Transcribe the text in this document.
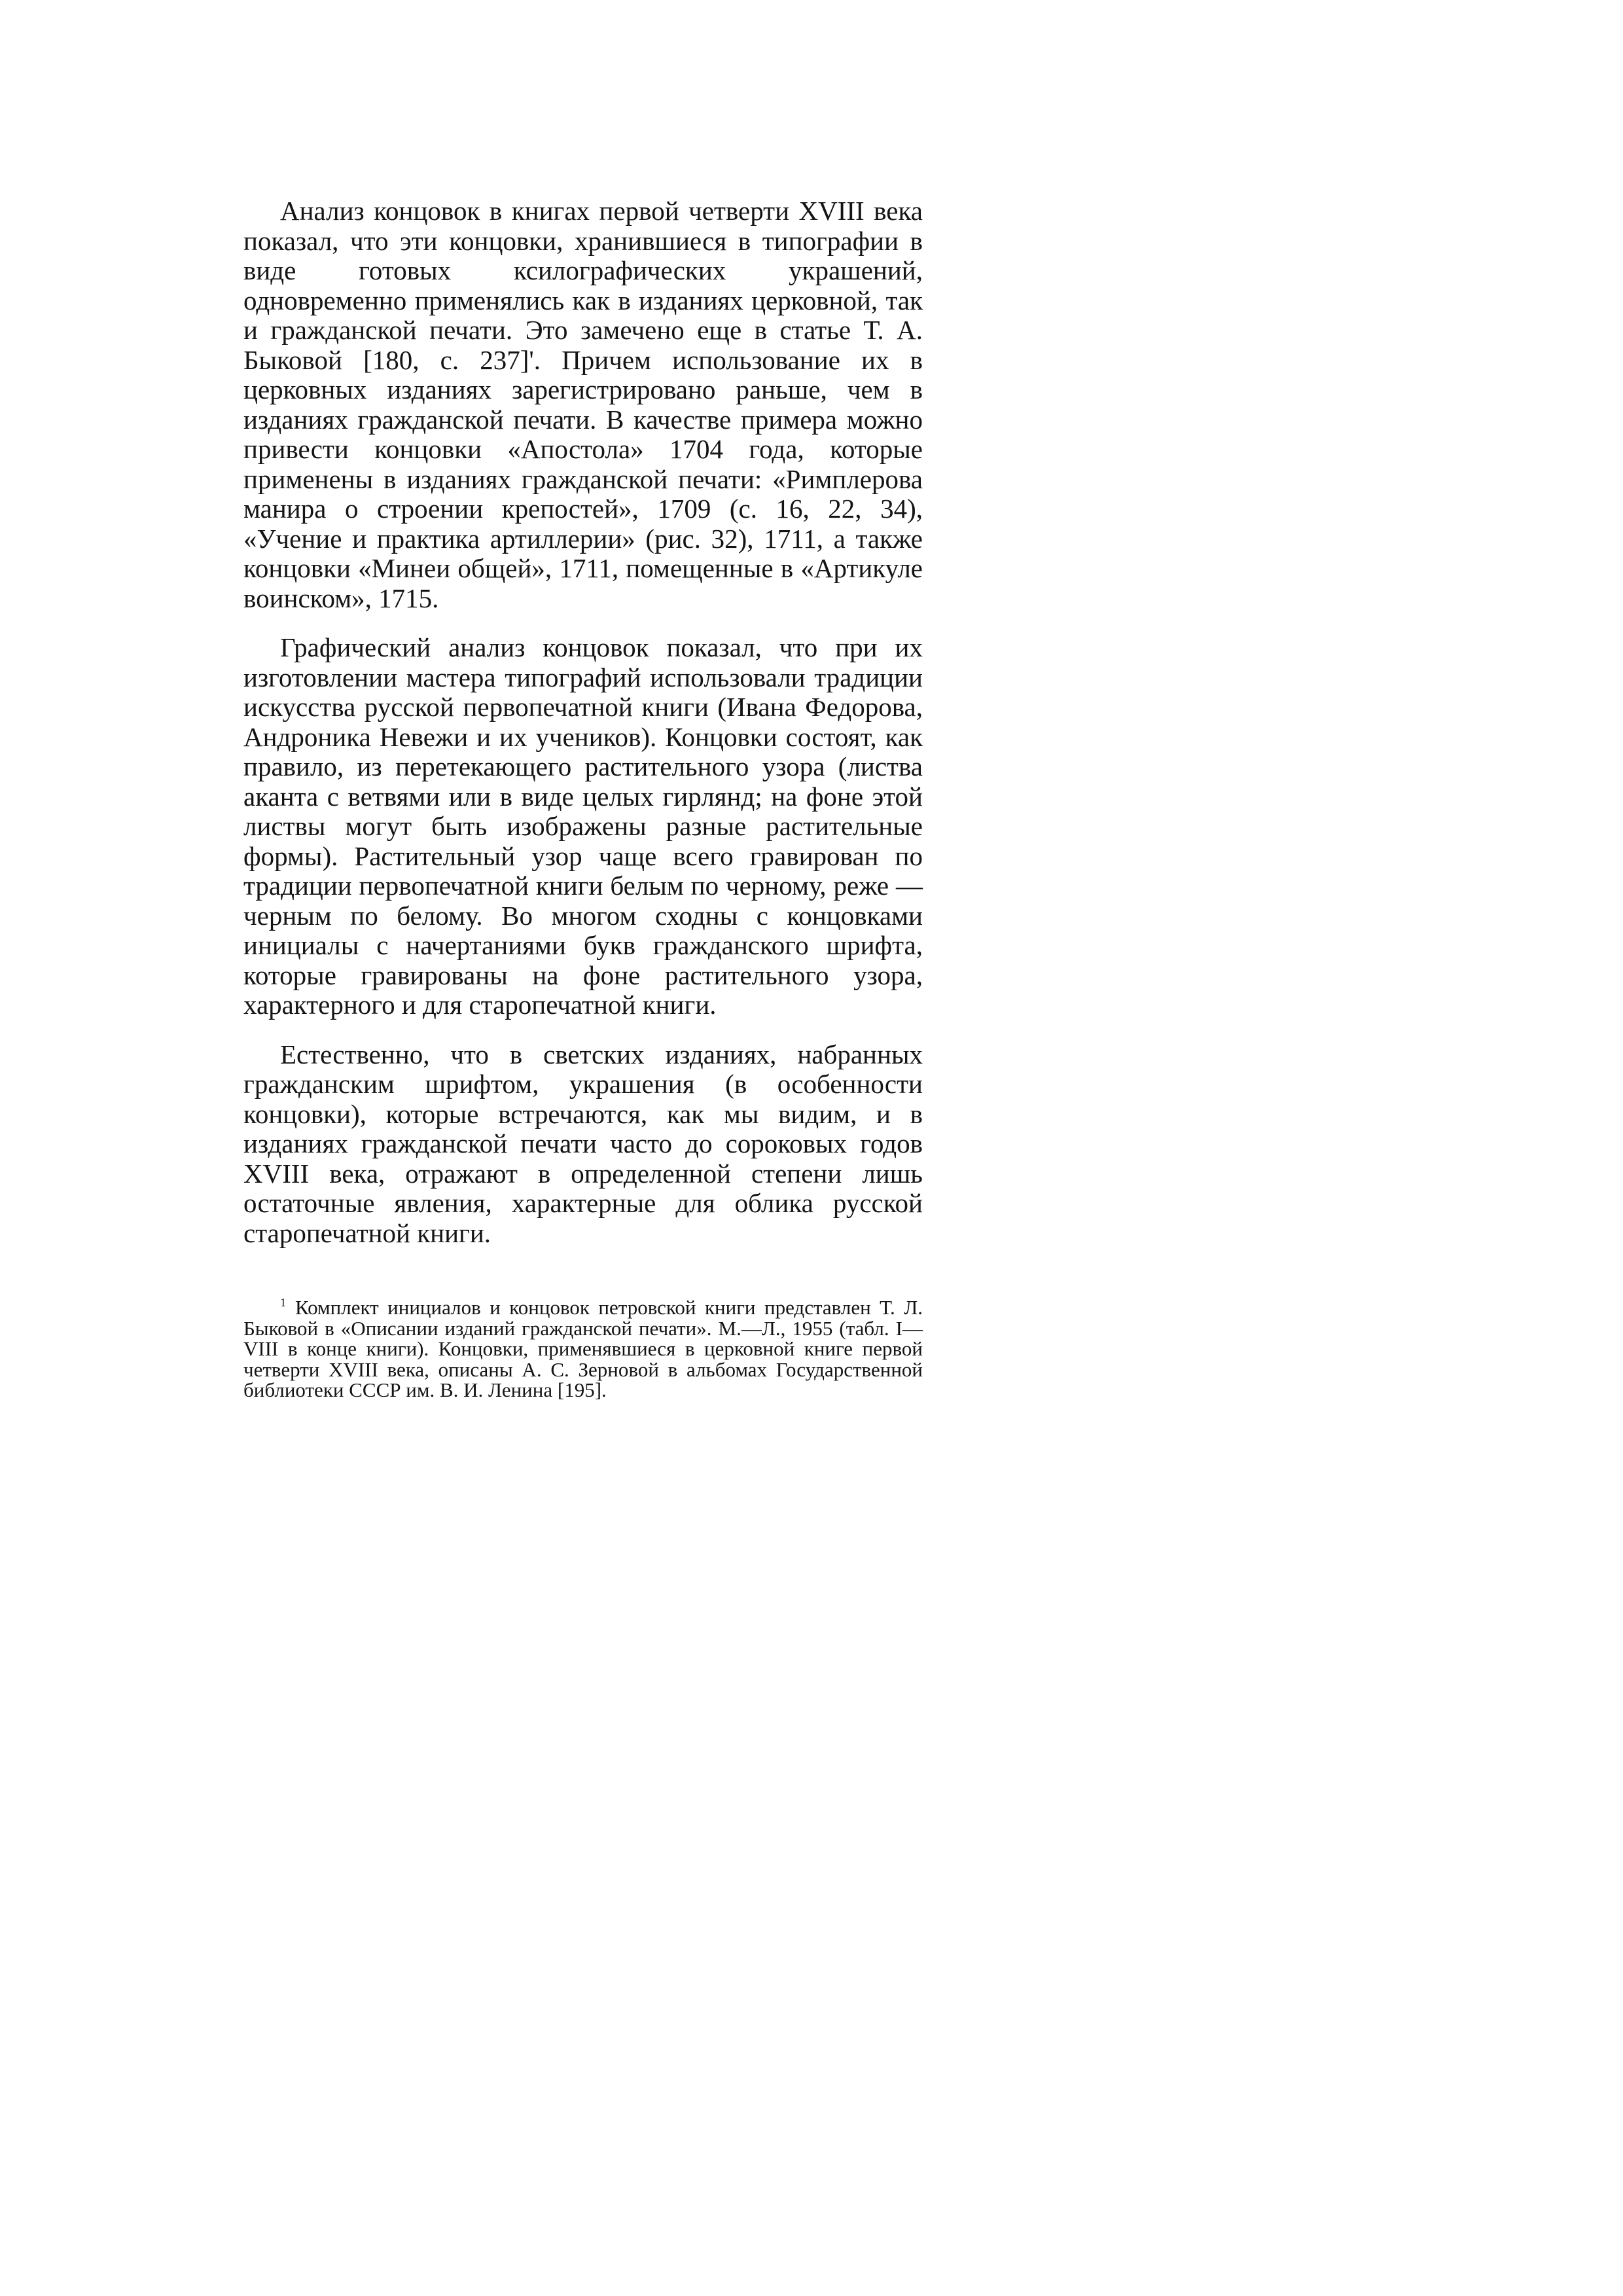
Анализ концовок в книгах первой четверти XVIII века показал, что эти концовки, хранившиеся в типографии в виде готовых ксилографических украшений, одновременно применялись как в изданиях церковной, так и гражданской печати. Это замечено еще в статье Т. А. Быковой [180, с. 237]'. Причем использование их в церковных изданиях зарегистрировано раньше, чем в изданиях гражданской печати. В качестве примера можно привести концовки «Апостола» 1704 года, которые применены в изданиях гражданской печати: «Римплерова манира о строении крепостей», 1709 (с. 16, 22, 34), «Учение и практика артиллерии» (рис. 32), 1711, а также концовки «Минеи общей», 1711, помещенные в «Артикуле воинском», 1715.

Графический анализ концовок показал, что при их изготовлении мастера типографий использовали традиции искусства русской первопечатной книги (Ивана Федорова, Андроника Невежи и их учеников). Концовки состоят, как правило, из перетекающего растительного узора (листва аканта с ветвями или в виде целых гирлянд; на фоне этой листвы могут быть изображены разные растительные формы). Растительный узор чаще всего гравирован по традиции первопечатной книги белым по черному, реже — черным по белому. Во многом сходны с концовками инициалы с начертаниями букв гражданского шрифта, которые гравированы на фоне растительного узора, характерного и для старопечатной книги.

Естественно, что в светских изданиях, набранных гражданским шрифтом, украшения (в особенности концовки), которые встречаются, как мы видим, и в изданиях гражданской печати часто до сороковых годов XVIII века, отражают в определенной степени лишь остаточные явления, характерные для облика русской старопечатной книги.

$^1$ Комплект инициалов и концовок петровской книги представлен Т. Л. Быковой в «Описании изданий гражданской печати». М.—Л., 1955 (табл. I—VIII в конце книги). Концовки, применявшиеся в церковной книге первой четверти XVIII века, описаны А. С. Зерновой в альбомах Государственной библиотеки СССР им. В. И. Ленина [195].
